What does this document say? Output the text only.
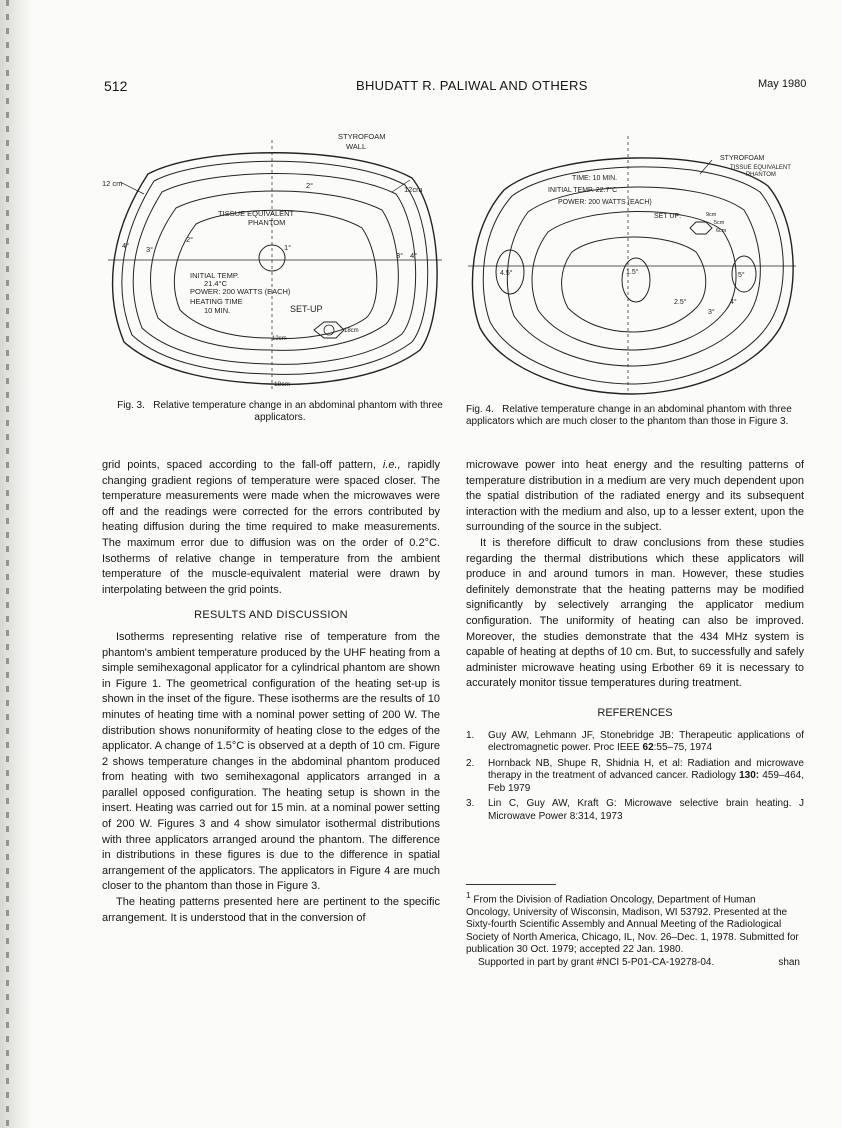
512	BHUDATT R. PALIWAL AND OTHERS	May 1980
STYROFOAM
WALL
12 cm
12cm
TISSUE EQUIVALENT
PHANTOM
2°
2°
3°
3°
4°
4°
1°
INITIAL TEMP.
21.4°C
POWER: 200 WATTS (EACH)
HEATING TIME
10 MIN.	SET-UP
18cm
12cm
18cm
Fig. 3. Relative temperature change in an abdominal phantom with three applicators.
STYROFOAM
TISSUE EQUIVALENT
PHANTOM
TIME: 10 MIN.
INITIAL TEMP. 22.7°C
POWER: 200 WATTS (EACH)
SET UP:	9cm
5cm
6cm
4.5°	1.5°	5°
2.5°
3°
4°
Fig. 4. Relative temperature change in an abdominal phantom with three applicators which are much closer to the phantom than those in Figure 3.

grid points, spaced according to the fall-off pattern, i.e., rapidly changing gradient regions of temperature were spaced closer. The temperature measurements were made when the microwaves were off and the readings were corrected for the errors contributed by heating diffusion during the time required to make measurements. The maximum error due to diffusion was on the order of 0.2°C. Isotherms of relative change in temperature from the ambient temperature of the muscle-equivalent material were drawn by interpolating between the grid points.

RESULTS AND DISCUSSION

Isotherms representing relative rise of temperature from the phantom's ambient temperature produced by the UHF heating from a simple semihexagonal applicator for a cylindrical phantom are shown in Figure 1. The geometrical configuration of the heating set-up is shown in the inset of the figure. These isotherms are the results of 10 minutes of heating time with a nominal power setting of 200 W. The distribution shows nonuniformity of heating close to the edges of the applicator. A change of 1.5°C is observed at a depth of 10 cm. Figure 2 shows temperature changes in the abdominal phantom produced from heating with two semihexagonal applicators arranged in a parallel opposed configuration. The heating setup is shown in the insert. Heating was carried out for 15 min. at a nominal power setting of 200 W. Figures 3 and 4 show simulator isothermal distributions with three applicators arranged around the phantom. The difference in distributions in these figures is due to the difference in spatial arrangement of the applicators. The applicators in Figure 4 are much closer to the phantom than those in Figure 3.

The heating patterns presented here are pertinent to the specific arrangement. It is understood that in the conversion of

microwave power into heat energy and the resulting patterns of temperature distribution in a medium are very much dependent upon the spatial distribution of the radiated energy and its subsequent interaction with the medium and also, up to a lesser extent, upon the surrounding of the source in the subject.

It is therefore difficult to draw conclusions from these studies regarding the thermal distributions which these applicators will produce in and around tumors in man. However, these studies definitely demonstrate that the heating patterns may be modified significantly by selectively arranging the applicator medium configuration. The uniformity of heating can also be improved. Moreover, the studies demonstrate that the 434 MHz system is capable of heating at depths of 10 cm. But, to successfully and safely administer microwave heating using Erbother 69 it is necessary to accurately monitor tissue temperatures during treatment.

REFERENCES

1.	Guy AW, Lehmann JF, Stonebridge JB: Therapeutic applications of electromagnetic power. Proc IEEE 62:55–75, 1974

2.	Hornback NB, Shupe R, Shidnia H, et al: Radiation and microwave therapy in the treatment of advanced cancer. Radiology 130: 459–464, Feb 1979

3.	Lin C, Guy AW, Kraft G: Microwave selective brain heating. J Microwave Power 8:314, 1973

$^1$ From the Division of Radiation Oncology, Department of Human Oncology, University of Wisconsin, Madison, WI 53792. Presented at the Sixty-fourth Scientific Assembly and Annual Meeting of the Radiological Society of North America, Chicago, IL, Nov. 26–Dec. 1, 1978. Submitted for publication 30 Oct. 1979; accepted 22 Jan. 1980.

Supported in part by grant #NCI 5-P01-CA-19278-04.	shan
